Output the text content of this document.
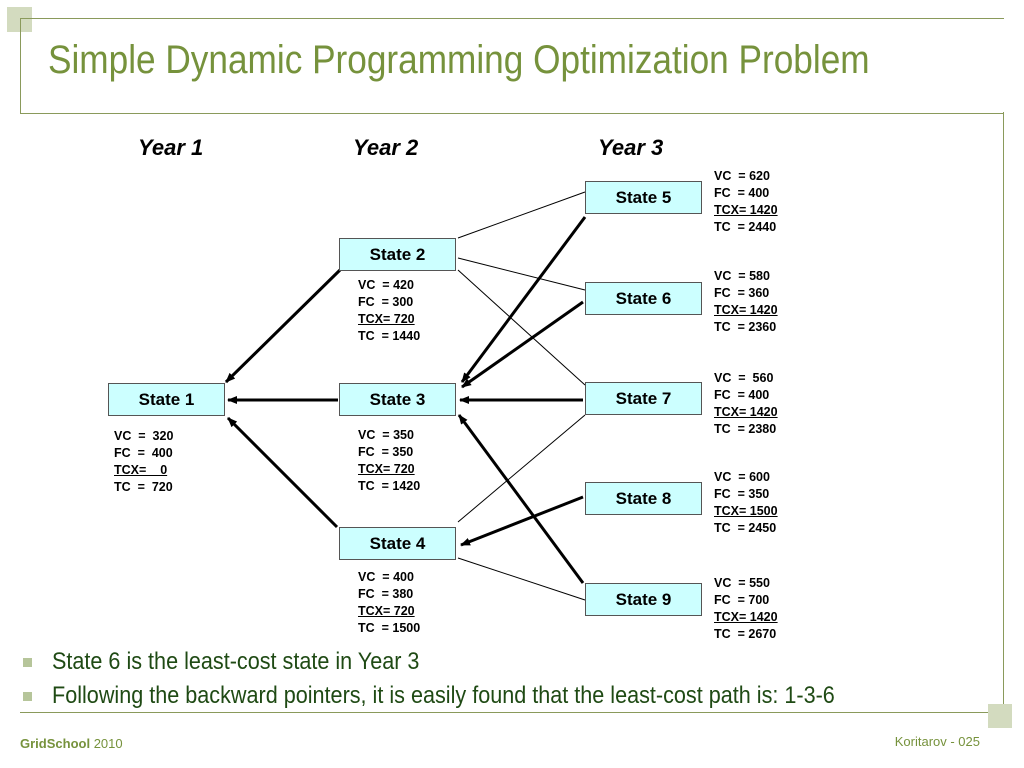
Simple Dynamic Programming Optimization Problem
Year 1	Year 2	Year 3
State 1
State 2
State 3
State 4
State 5
State 6
State 7
State 8
State 9
VC  =  320
FC  =  400
TCX=    0
TC  =  720
VC  = 420
FC  = 300
TCX= 720
TC  = 1440
VC  = 350
FC  = 350
TCX= 720
TC  = 1420
VC  = 400
FC  = 380
TCX= 720
TC  = 1500
VC  = 620
FC  = 400
TCX= 1420
TC  = 2440
VC  = 580
FC  = 360
TCX= 1420
TC  = 2360
VC  =  560
FC  = 400
TCX= 1420
TC  = 2380
VC  = 600
FC  = 350
TCX= 1500
TC  = 2450
VC  = 550
FC  = 700
TCX= 1420
TC  = 2670
State 6 is the least-cost state in Year 3
Following the backward pointers, it is easily found that the least-cost path is: 1-3-6
GridSchool 2010	Koritarov - 025
